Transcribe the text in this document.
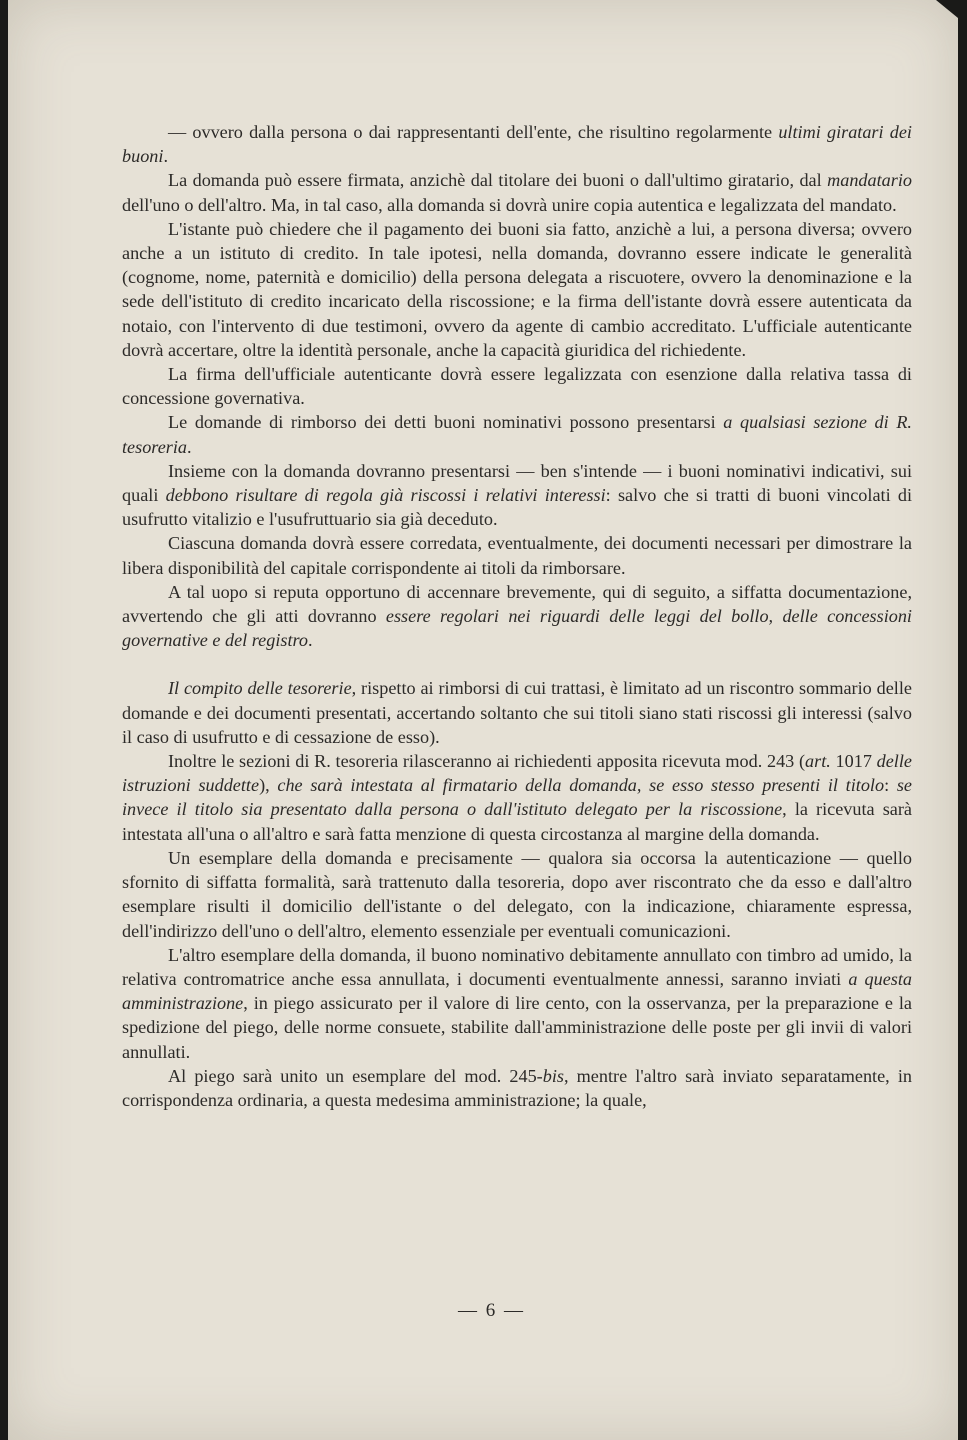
— ovvero dalla persona o dai rappresentanti dell'ente, che risultino regolarmente ultimi giratari dei buoni.

La domanda può essere firmata, anzichè dal titolare dei buoni o dall'ultimo giratario, dal mandatario dell'uno o dell'altro. Ma, in tal caso, alla domanda si dovrà unire copia autentica e legalizzata del mandato.

L'istante può chiedere che il pagamento dei buoni sia fatto, anzichè a lui, a persona diversa; ovvero anche a un istituto di credito. In tale ipotesi, nella domanda, dovranno essere indicate le generalità (cognome, nome, paternità e domicilio) della persona delegata a riscuotere, ovvero la denominazione e la sede dell'istituto di credito incaricato della riscossione; e la firma dell'istante dovrà essere autenticata da notaio, con l'intervento di due testimoni, ovvero da agente di cambio accreditato. L'ufficiale autenticante dovrà accertare, oltre la identità personale, anche la capacità giuridica del richiedente.

La firma dell'ufficiale autenticante dovrà essere legalizzata con esenzione dalla relativa tassa di concessione governativa.

Le domande di rimborso dei detti buoni nominativi possono presentarsi a qualsiasi sezione di R. tesoreria.

Insieme con la domanda dovranno presentarsi — ben s'intende — i buoni nominativi indicativi, sui quali debbono risultare di regola già riscossi i relativi interessi: salvo che si tratti di buoni vincolati di usufrutto vitalizio e l'usufruttuario sia già deceduto.

Ciascuna domanda dovrà essere corredata, eventualmente, dei documenti necessari per dimostrare la libera disponibilità del capitale corrispondente ai titoli da rimborsare.

A tal uopo si reputa opportuno di accennare brevemente, qui di seguito, a siffatta documentazione, avvertendo che gli atti dovranno essere regolari nei riguardi delle leggi del bollo, delle concessioni governative e del registro.

Il compito delle tesorerie, rispetto ai rimborsi di cui trattasi, è limitato ad un riscontro sommario delle domande e dei documenti presentati, accertando soltanto che sui titoli siano stati riscossi gli interessi (salvo il caso di usufrutto e di cessazione de esso).

Inoltre le sezioni di R. tesoreria rilasceranno ai richiedenti apposita ricevuta mod. 243 (art. 1017 delle istruzioni suddette), che sarà intestata al firmatario della domanda, se esso stesso presenti il titolo: se invece il titolo sia presentato dalla persona o dall'istituto delegato per la riscossione, la ricevuta sarà intestata all'una o all'altro e sarà fatta menzione di questa circostanza al margine della domanda.

Un esemplare della domanda e precisamente — qualora sia occorsa la autenticazione — quello sfornito di siffatta formalità, sarà trattenuto dalla tesoreria, dopo aver riscontrato che da esso e dall'altro esemplare risulti il domicilio dell'istante o del delegato, con la indicazione, chiaramente espressa, dell'indirizzo dell'uno o dell'altro, elemento essenziale per eventuali comunicazioni.

L'altro esemplare della domanda, il buono nominativo debitamente annullato con timbro ad umido, la relativa contromatrice anche essa annullata, i documenti eventualmente annessi, saranno inviati a questa amministrazione, in piego assicurato per il valore di lire cento, con la osservanza, per la preparazione e la spedizione del piego, delle norme consuete, stabilite dall'amministrazione delle poste per gli invii di valori annullati.

Al piego sarà unito un esemplare del mod. 245-bis, mentre l'altro sarà inviato separatamente, in corrispondenza ordinaria, a questa medesima amministrazione; la quale,

— 6 —
